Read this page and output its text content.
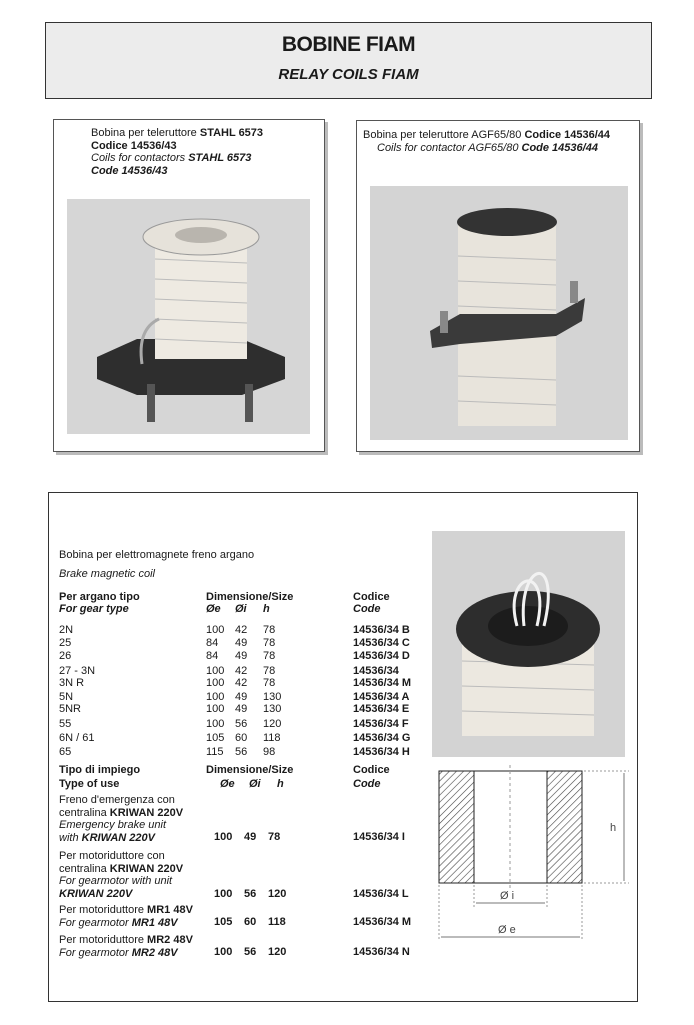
BOBINE FIAM
RELAY COILS FIAM
Bobina per teleruttore STAHL 6573
Codice 14536/43
Coils for contactors STAHL 6573
Code 14536/43
Bobina per teleruttore AGF65/80 Codice 14536/44
Coils for contactor AGF65/80 Code 14536/44
Bobina per elettromagnete freno argano
Brake magnetic coil
Per argano tipo	Dimensione/Size	Codice
For gear type	Øe Øi h	Code
2N	100 42 78	14536/34 B
25	84 49 78	14536/34 C
26	84 49 78	14536/34 D
27 - 3N	100 42 78	14536/34
3N R	100 42 78	14536/34 M
5N	100 49 130	14536/34 A
5NR	100 49 130	14536/34 E
55	100 56 120	14536/34 F
6N / 61	105 60 118	14536/34 G
65	115 56 98	14536/34 H
Tipo di impiego	Dimensione/Size	Codice
Type of use	Øe Øi h	Code
Freno d'emergenza con
centralina KRIWAN 220V
Emergency brake unit
with KRIWAN 220V	100 49 78	14536/34 I
Per motoriduttore con
centralina KRIWAN 220V
For gearmotor with unit
KRIWAN 220V	100 56 120	14536/34 L
Per motoriduttore MR1 48V
For gearmotor MR1 48V	105 60 118	14536/34 M
Per motoriduttore MR2 48V
For gearmotor MR2 48V	100 56 120	14536/34 N
h
Ø i
Ø e
